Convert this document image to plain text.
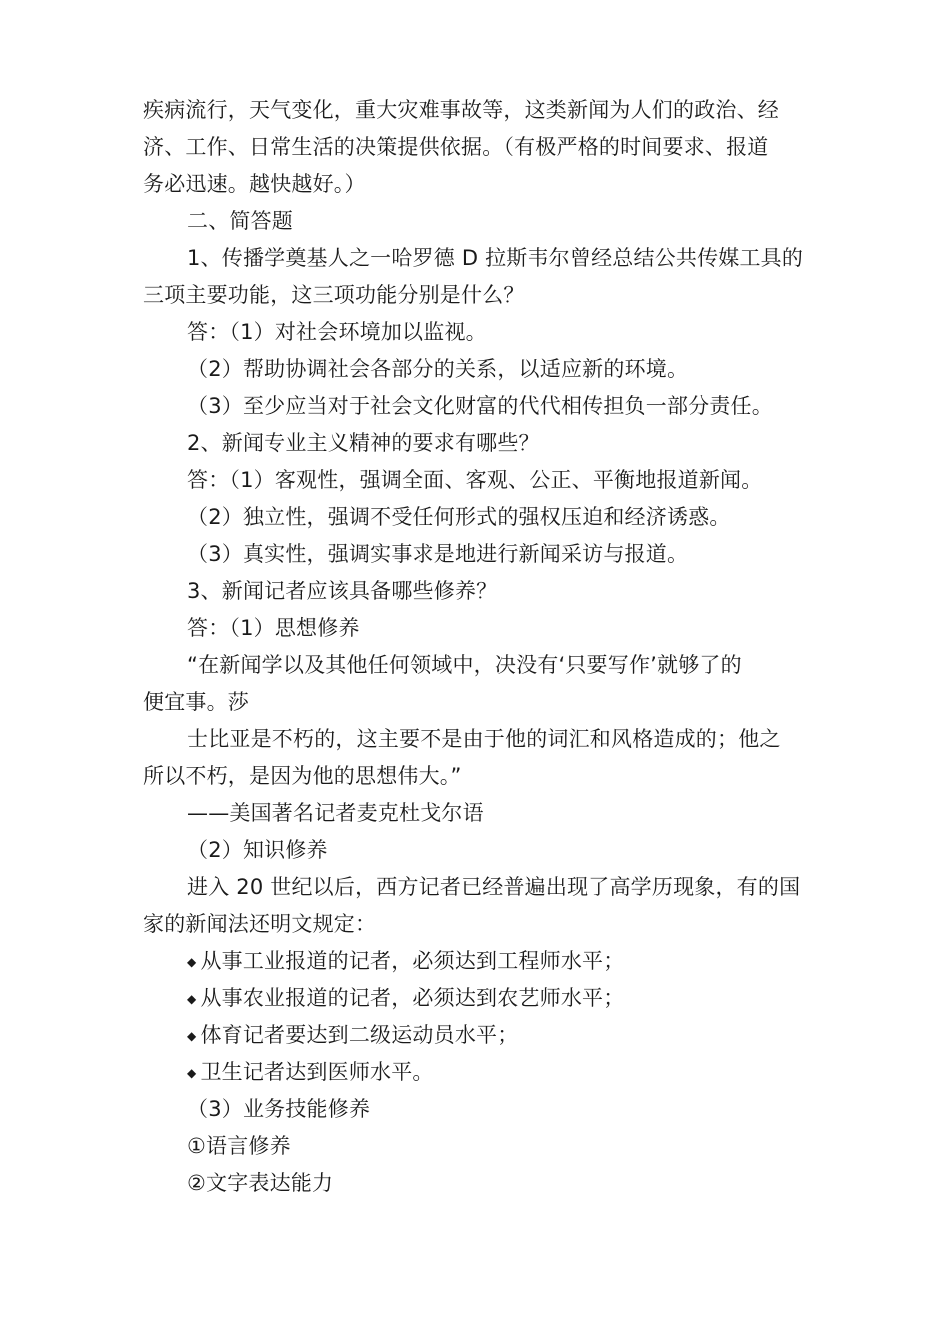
疾病流行，天气变化，重大灾难事故等，这类新闻为人们的政治、经
济、工作、日常生活的决策提供依据。（有极严格的时间要求、报道
务必迅速。越快越好。）
二、简答题
1、传播学奠基人之一哈罗德 D 拉斯韦尔曾经总结公共传媒工具的
三项主要功能，这三项功能分别是什么？
答：（1）对社会环境加以监视。
（2）帮助协调社会各部分的关系，以适应新的环境。
（3）至少应当对于社会文化财富的代代相传担负一部分责任。
2、新闻专业主义精神的要求有哪些？
答：（1）客观性，强调全面、客观、公正、平衡地报道新闻。
（2）独立性，强调不受任何形式的强权压迫和经济诱惑。
（3）真实性，强调实事求是地进行新闻采访与报道。
3、新闻记者应该具备哪些修养？
答：（1）思想修养
“在新闻学以及其他任何领域中，决没有‘只要写作’就够了的
便宜事。莎
士比亚是不朽的，这主要不是由于他的词汇和风格造成的；他之
所以不朽，是因为他的思想伟大。”
——美国著名记者麦克杜戈尔语
（2）知识修养
进入 20 世纪以后，西方记者已经普遍出现了高学历现象，有的国
家的新闻法还明文规定：
◆ 从事工业报道的记者，必须达到工程师水平；
◆ 从事农业报道的记者，必须达到农艺师水平；
◆ 体育记者要达到二级运动员水平；
◆ 卫生记者达到医师水平。
（3）业务技能修养
①语言修养
②文字表达能力
